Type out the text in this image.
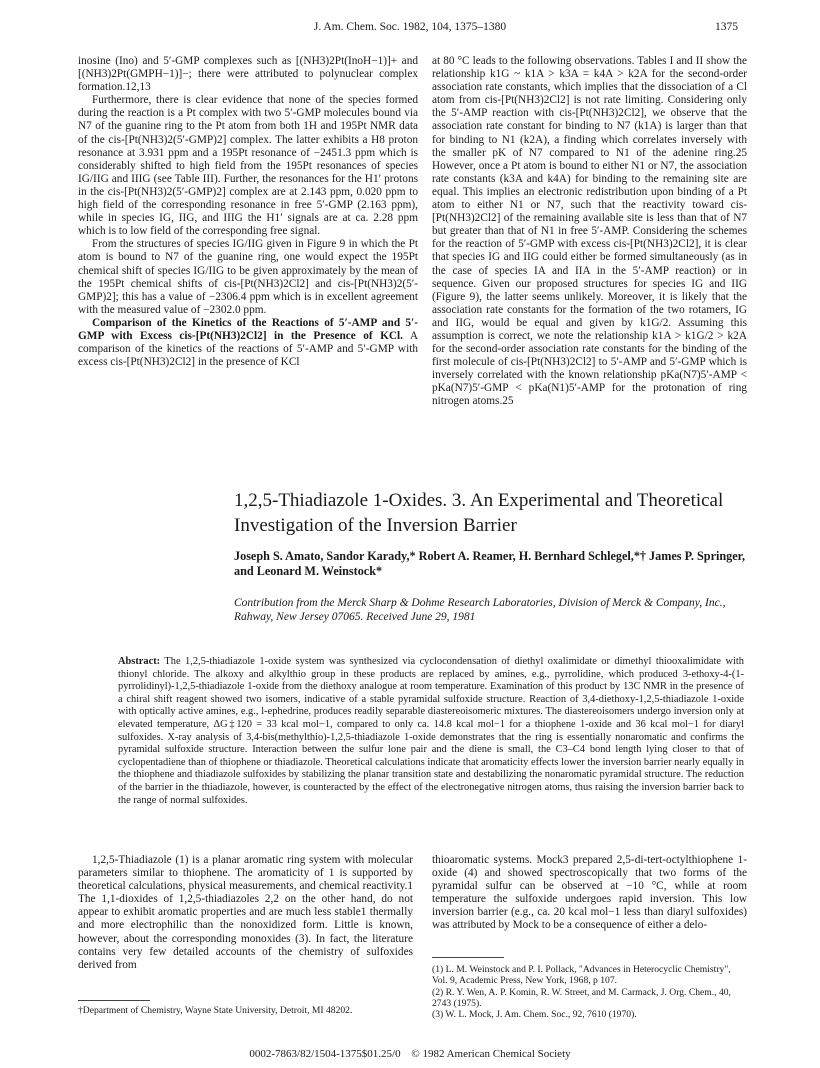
J. Am. Chem. Soc. 1982, 104, 1375–1380	1375

inosine (Ino) and 5′-GMP complexes such as [(NH3)2Pt(InoH−1)]+ and [(NH3)2Pt(GMPH−1)]−; there were attributed to polynuclear complex formation.12,13

Furthermore, there is clear evidence that none of the species formed during the reaction is a Pt complex with two 5′-GMP molecules bound via N7 of the guanine ring to the Pt atom from both 1H and 195Pt NMR data of the cis-[Pt(NH3)2(5′-GMP)2] complex. The latter exhibits a H8 proton resonance at 3.931 ppm and a 195Pt resonance of −2451.3 ppm which is considerably shifted to high field from the 195Pt resonances of species IG/IIG and IIIG (see Table III). Further, the resonances for the H1′ protons in the cis-[Pt(NH3)2(5′-GMP)2] complex are at 2.143 ppm, 0.020 ppm to high field of the corresponding resonance in free 5′-GMP (2.163 ppm), while in species IG, IIG, and IIIG the H1′ signals are at ca. 2.28 ppm which is to low field of the corresponding free signal.

From the structures of species IG/IIG given in Figure 9 in which the Pt atom is bound to N7 of the guanine ring, one would expect the 195Pt chemical shift of species IG/IIG to be given approximately by the mean of the 195Pt chemical shifts of cis-[Pt(NH3)2Cl2] and cis-[Pt(NH3)2(5′-GMP)2]; this has a value of −2306.4 ppm which is in excellent agreement with the measured value of −2302.0 ppm.

Comparison of the Kinetics of the Reactions of 5′-AMP and 5′-GMP with Excess cis-[Pt(NH3)2Cl2] in the Presence of KCl. A comparison of the kinetics of the reactions of 5′-AMP and 5′-GMP with excess cis-[Pt(NH3)2Cl2] in the presence of KCl

at 80 °C leads to the following observations. Tables I and II show the relationship k1G ~ k1A > k3A = k4A > k2A for the second-order association rate constants, which implies that the dissociation of a Cl atom from cis-[Pt(NH3)2Cl2] is not rate limiting. Considering only the 5′-AMP reaction with cis-[Pt(NH3)2Cl2], we observe that the association rate constant for binding to N7 (k1A) is larger than that for binding to N1 (k2A), a finding which correlates inversely with the smaller pK of N7 compared to N1 of the adenine ring.25 However, once a Pt atom is bound to either N1 or N7, the association rate constants (k3A and k4A) for binding to the remaining site are equal. This implies an electronic redistribution upon binding of a Pt atom to either N1 or N7, such that the reactivity toward cis-[Pt(NH3)2Cl2] of the remaining available site is less than that of N7 but greater than that of N1 in free 5′-AMP. Considering the schemes for the reaction of 5′-GMP with excess cis-[Pt(NH3)2Cl2], it is clear that species IG and IIG could either be formed simultaneously (as in the case of species IA and IIA in the 5′-AMP reaction) or in sequence. Given our proposed structures for species IG and IIG (Figure 9), the latter seems unlikely. Moreover, it is likely that the association rate constants for the formation of the two rotamers, IG and IIG, would be equal and given by k1G/2. Assuming this assumption is correct, we note the relationship k1A > k1G/2 > k2A for the second-order association rate constants for the binding of the first molecule of cis-[Pt(NH3)2Cl2] to 5′-AMP and 5′-GMP which is inversely correlated with the known relationship pKa(N7)5′-AMP < pKa(N7)5′-GMP < pKa(N1)5′-AMP for the protonation of ring nitrogen atoms.25

1,2,5-Thiadiazole 1-Oxides. 3. An Experimental and Theoretical Investigation of the Inversion Barrier
Joseph S. Amato, Sandor Karady,* Robert A. Reamer, H. Bernhard Schlegel,*† James P. Springer, and Leonard M. Weinstock*
Contribution from the Merck Sharp & Dohme Research Laboratories, Division of Merck & Company, Inc., Rahway, New Jersey 07065. Received June 29, 1981
Abstract: The 1,2,5-thiadiazole 1-oxide system was synthesized via cyclocondensation of diethyl oxalimidate or dimethyl thiooxalimidate with thionyl chloride. The alkoxy and alkylthio group in these products are replaced by amines, e.g., pyrrolidine, which produced 3-ethoxy-4-(1-pyrrolidinyl)-1,2,5-thiadiazole 1-oxide from the diethoxy analogue at room temperature. Examination of this product by 13C NMR in the presence of a chiral shift reagent showed two isomers, indicative of a stable pyramidal sulfoxide structure. Reaction of 3,4-diethoxy-1,2,5-thiadiazole 1-oxide with optically active amines, e.g., l-ephedrine, produces readily separable diastereoisomeric mixtures. The diastereoisomers undergo inversion only at elevated temperature, ΔG‡120 = 33 kcal mol−1, compared to only ca. 14.8 kcal mol−1 for a thiophene 1-oxide and 36 kcal mol−1 for diaryl sulfoxides. X-ray analysis of 3,4-bis(methylthio)-1,2,5-thiadiazole 1-oxide demonstrates that the ring is essentially nonaromatic and confirms the pyramidal sulfoxide structure. Interaction between the sulfur lone pair and the diene is small, the C3–C4 bond length lying closer to that of cyclopentadiene than of thiophene or thiadiazole. Theoretical calculations indicate that aromaticity effects lower the inversion barrier nearly equally in the thiophene and thiadiazole sulfoxides by stabilizing the planar transition state and destabilizing the nonaromatic pyramidal structure. The reduction of the barrier in the thiadiazole, however, is counteracted by the effect of the electronegative nitrogen atoms, thus raising the inversion barrier back to the range of normal sulfoxides.

1,2,5-Thiadiazole (1) is a planar aromatic ring system with molecular parameters similar to thiophene. The aromaticity of 1 is supported by theoretical calculations, physical measurements, and chemical reactivity.1 The 1,1-dioxides of 1,2,5-thiadiazoles 2,2 on the other hand, do not appear to exhibit aromatic properties and are much less stable1 thermally and more electrophilic than the nonoxidized form. Little is known, however, about the corresponding monoxides (3). In fact, the literature contains very few detailed accounts of the chemistry of sulfoxides derived from

thioaromatic systems. Mock3 prepared 2,5-di-tert-octylthiophene 1-oxide (4) and showed spectroscopically that two forms of the pyramidal sulfur can be observed at −10 °C, while at room temperature the sulfoxide undergoes rapid inversion. This low inversion barrier (e.g., ca. 20 kcal mol−1 less than diaryl sulfoxides) was attributed by Mock to be a consequence of either a delo-

(1) L. M. Weinstock and P. I. Pollack, "Advances in Heterocyclic Chemistry", Vol. 9, Academic Press, New York, 1968, p 107.

(2) R. Y. Wen, A. P. Komin, R. W. Street, and M. Carmack, J. Org. Chem., 40, 2743 (1975).

(3) W. L. Mock, J. Am. Chem. Soc., 92, 7610 (1970).

†Department of Chemistry, Wayne State University, Detroit, MI 48202.
0002-7863/82/1504-1375$01.25/0 © 1982 American Chemical Society
